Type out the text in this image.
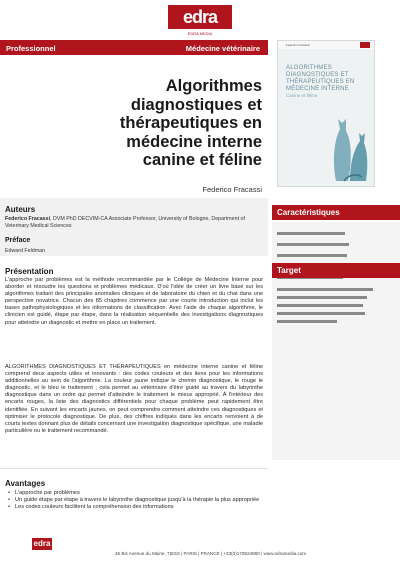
edra
EDRA MEDIA
Professionnel	Médecine vétérinaire
Algorithmes diagnostiques et thérapeutiques en médecine interne canine et féline
Federico Fracassi
Federico Fracassi
ALGORITHMES DIAGNOSTIQUES ET THÉRAPEUTIQUES EN MÉDECINE INTERNE
Canine et féline
Auteurs
Federico Fracassi, DVM PhD DECVIM-CA Associate Professor, University of Bologne, Department of Veterinary Medical Sciences
Préface
Edward Feldman
Présentation
L'approche par problèmes est la méthode recommandée par le Collège de Médecine Interne pour aborder et résoudre les questions et problèmes médicaux. D'où l'idée de créer un livre basé sur les algorithmes traitant des principales anomalies cliniques et de laboratoire du chien et du chat dans une perspective novatrice. Chacun des 85 chapitres commence par une courte introduction qui inclut les bases pathophysiologiques et les informations de classification. Avec l'aide de chaque algorithme, le clinicien est guidé, étape par étape, dans la réalisation séquentielle des investigations diagnostiques pour atteindre un diagnostic et mettre en place un traitement.
ALGORITHMES DIAGNOSTIQUES ET THÉRAPEUTIQUES en médecine interne canine et féline comprend deux aspects utiles et innovants : des codes couleurs et des liens pour les informations additionnelles au sein de l'algorithme. La couleur jaune indique le chemin diagnostique, le rouge le diagnostic, et le bleu le traitement ; cela permet au vétérinaire d'être guidé au travers du labyrinthe diagnostique dans un ordre qui permet d'atteindre le traitement le mieux approprié. À l'intérieur des encarts rouges, la liste des diagnostics différentiels pour chaque problème peut rapidement être identifiée. En suivant les encarts jaunes, on peut comprendre comment atteindre ces diagnostiques et optimiser le protocole diagnostique. De plus, des chiffres indiqués dans les encarts renvoient à de courts textes donnant plus de détails concernant une investigation diagnostique spécifique, une maladie particulière ou le traitement recommandé.
Avantages
• L'approche par problèmes
• Un guide étape par étape à travers le labyrinthe diagnostique jusqu'à la thérapie la plus appropriée
• Les codes couleurs facilitent la compréhension des informations
Caractéristiques
Target
edra
46 Bis Avenue du Maine, 75015 | PARIS | FRANCE | +33(0)170924880 | www.edramedia.com
